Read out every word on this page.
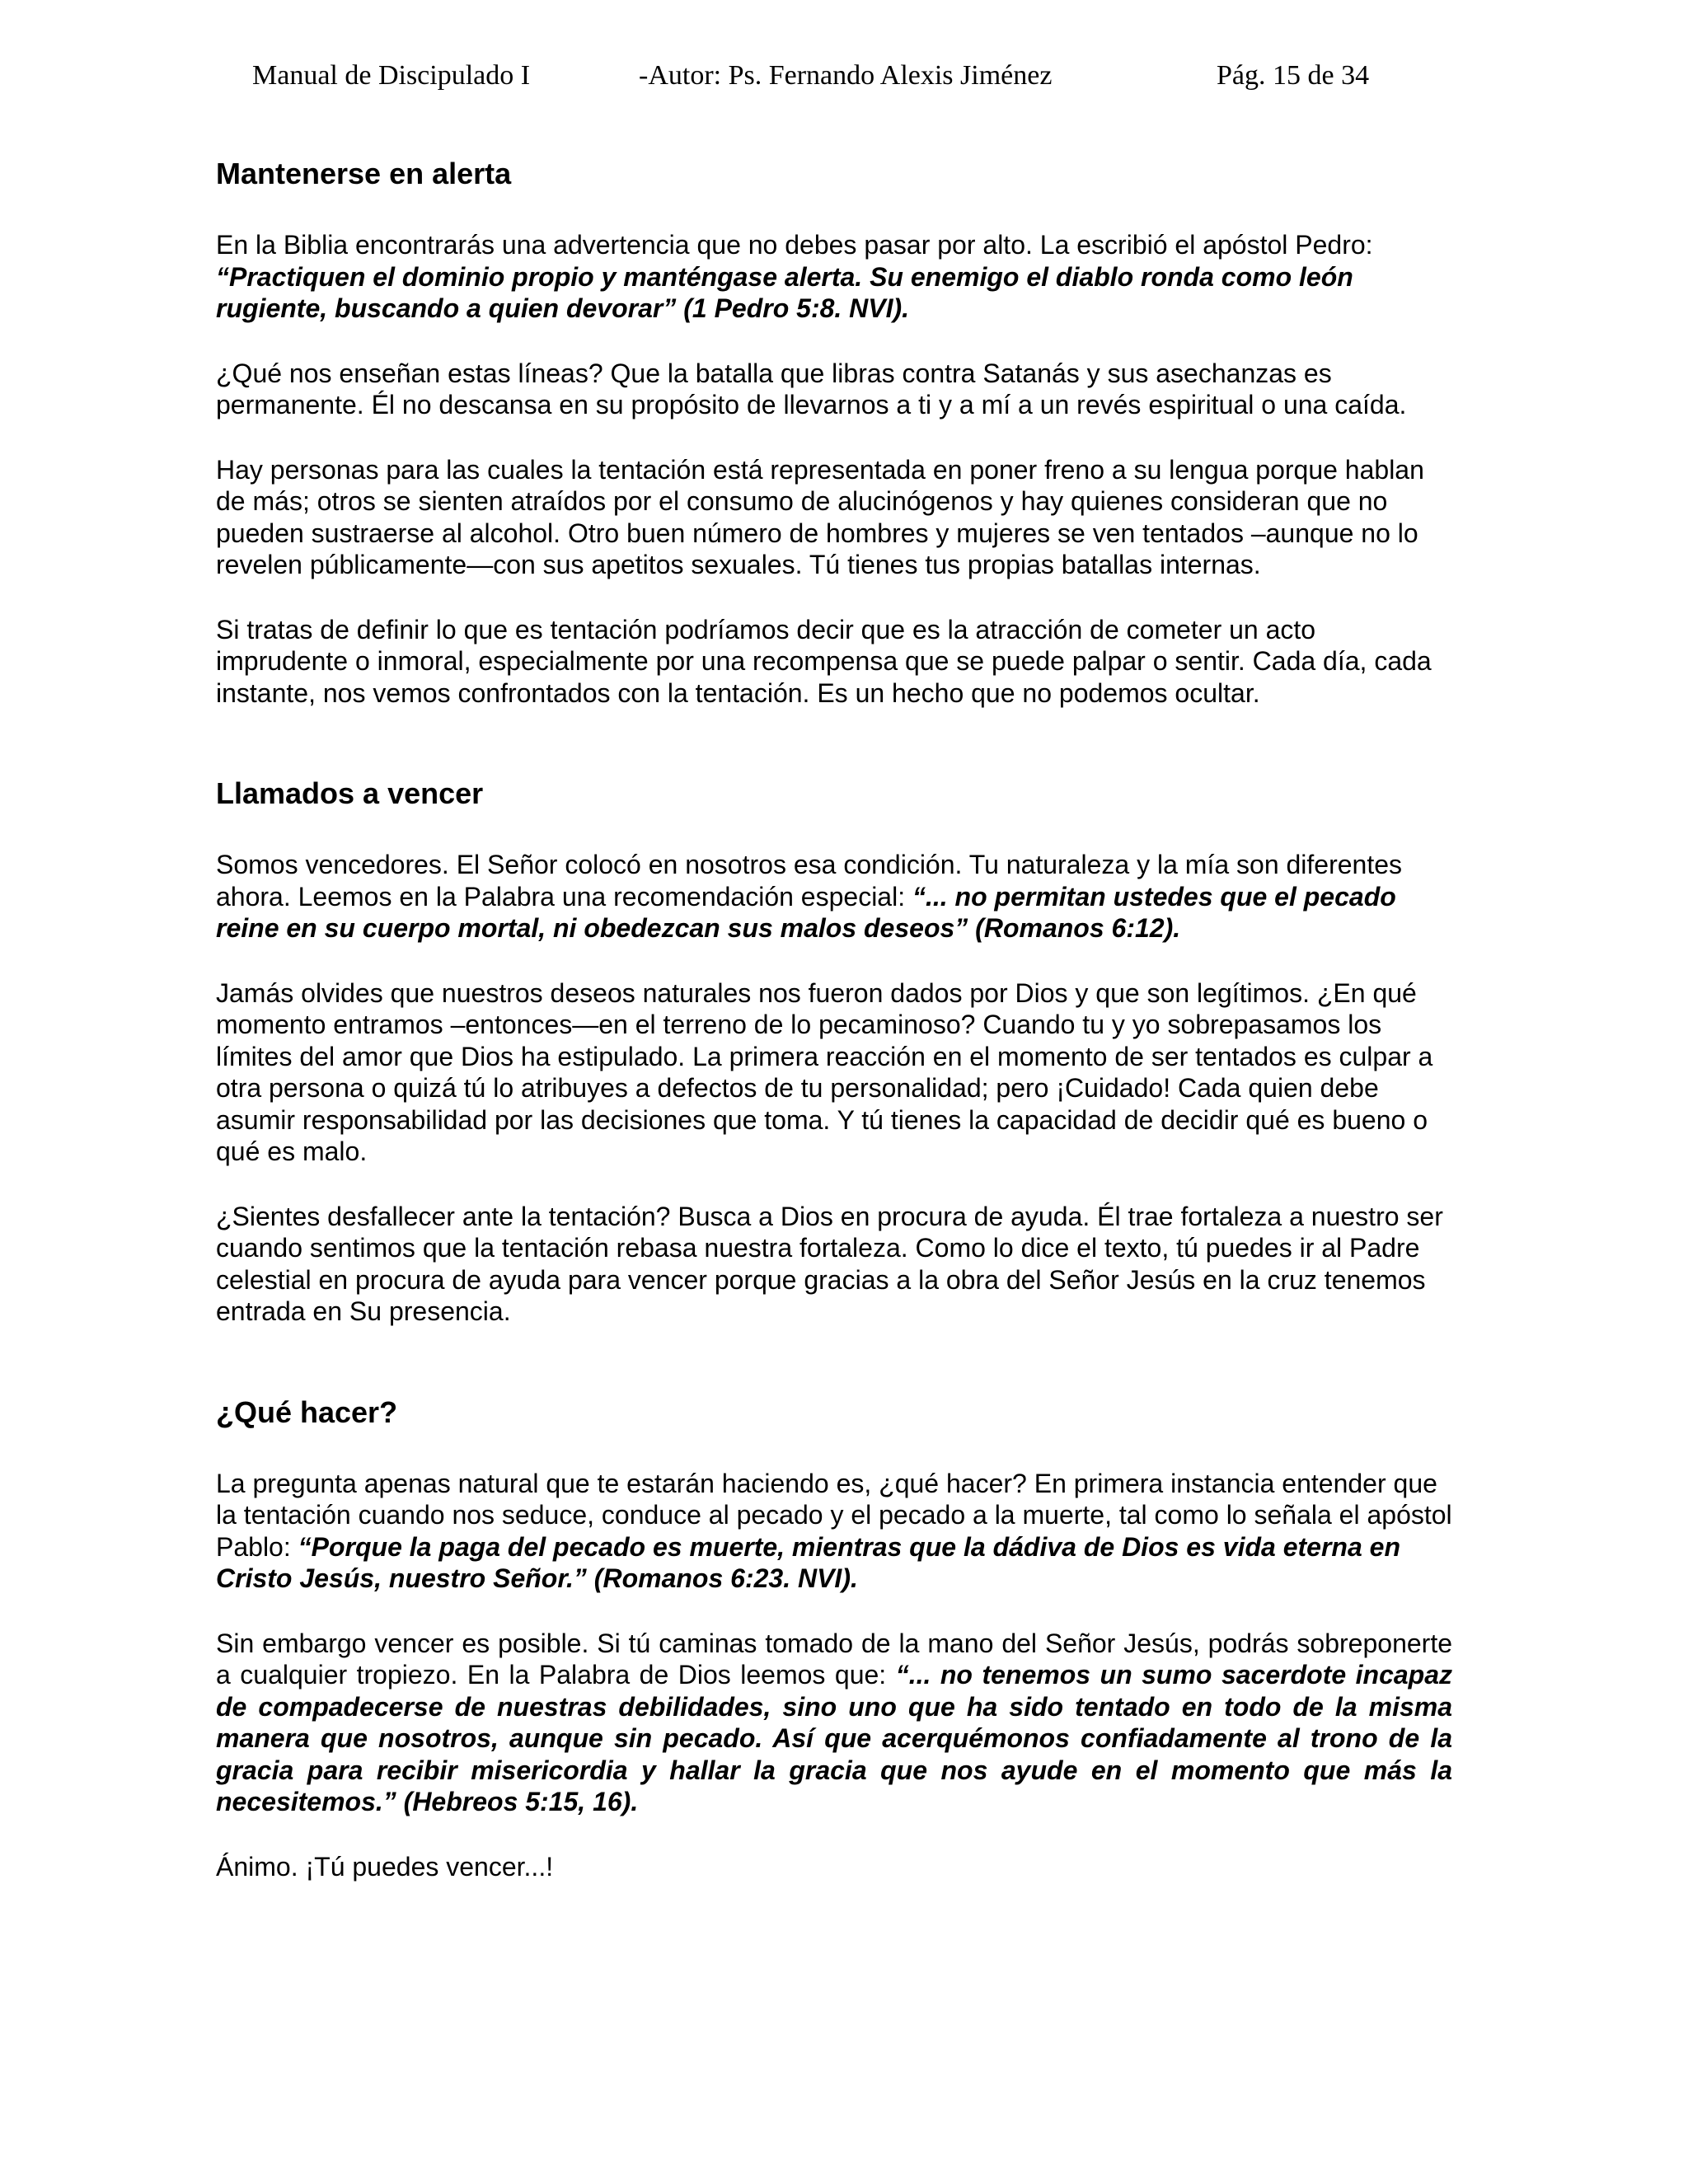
Manual de Discipulado I	-Autor: Ps. Fernando Alexis Jiménez	Pág. 15 de 34
Mantenerse en alerta

En la Biblia encontrarás una advertencia que no debes pasar por alto. La escribió el apóstol Pedro: “Practiquen el dominio propio y manténgase alerta. Su enemigo el diablo ronda como león rugiente, buscando a quien devorar” (1 Pedro 5:8. NVI).

¿Qué nos enseñan estas líneas? Que la batalla que libras contra Satanás y sus asechanzas es permanente. Él no descansa en su propósito de llevarnos a ti y a mí a un revés espiritual o una caída.

Hay personas para las cuales la tentación está representada en poner freno a su lengua porque hablan de más; otros se sienten atraídos por el consumo de alucinógenos y hay quienes consideran que no pueden sustraerse al alcohol. Otro buen número de hombres y mujeres se ven tentados –aunque no lo revelen públicamente—con sus apetitos sexuales. Tú tienes tus propias batallas internas.

Si tratas de definir lo que es tentación podríamos decir que es la atracción de cometer un acto imprudente o inmoral, especialmente por una recompensa que se puede palpar o sentir. Cada día, cada instante, nos vemos confrontados con la tentación. Es un hecho que no podemos ocultar.

Llamados a vencer

Somos vencedores. El Señor colocó en nosotros esa condición. Tu naturaleza y la mía son diferentes ahora. Leemos en la Palabra una recomendación especial: “... no permitan ustedes que el pecado reine en su cuerpo mortal, ni obedezcan sus malos deseos” (Romanos 6:12).

Jamás olvides que nuestros deseos naturales nos fueron dados por Dios y que son legítimos. ¿En qué momento entramos –entonces—en el terreno de lo pecaminoso? Cuando tu y yo sobrepasamos los límites del amor que Dios ha estipulado. La primera reacción en el momento de ser tentados es culpar a otra persona o quizá tú lo atribuyes a defectos de tu personalidad; pero ¡Cuidado! Cada quien debe asumir responsabilidad por las decisiones que toma. Y tú tienes la capacidad de decidir qué es bueno o qué es malo.

¿Sientes desfallecer ante la tentación? Busca a Dios en procura de ayuda. Él trae fortaleza a nuestro ser cuando sentimos que la tentación rebasa nuestra fortaleza. Como lo dice el texto, tú puedes ir al Padre celestial en procura de ayuda para vencer porque gracias a la obra del Señor Jesús en la cruz tenemos entrada en Su presencia.

¿Qué hacer?

La pregunta apenas natural que te estarán haciendo es, ¿qué hacer? En primera instancia entender que la tentación cuando nos seduce, conduce al pecado y el pecado a la muerte, tal como lo señala el apóstol Pablo: “Porque la paga del pecado es muerte, mientras que la dádiva de Dios es vida eterna en Cristo Jesús, nuestro Señor.” (Romanos 6:23. NVI).

Sin embargo vencer es posible. Si tú caminas tomado de la mano del Señor Jesús, podrás sobreponerte a cualquier tropiezo. En la Palabra de Dios leemos que: “... no tenemos un sumo sacerdote incapaz de compadecerse de nuestras debilidades, sino uno que ha sido tentado en todo de la misma manera que nosotros, aunque sin pecado. Así que acerquémonos confiadamente al trono de la gracia para recibir misericordia y hallar la gracia que nos ayude en el momento que más la necesitemos.” (Hebreos 5:15, 16).

Ánimo. ¡Tú puedes vencer...!
